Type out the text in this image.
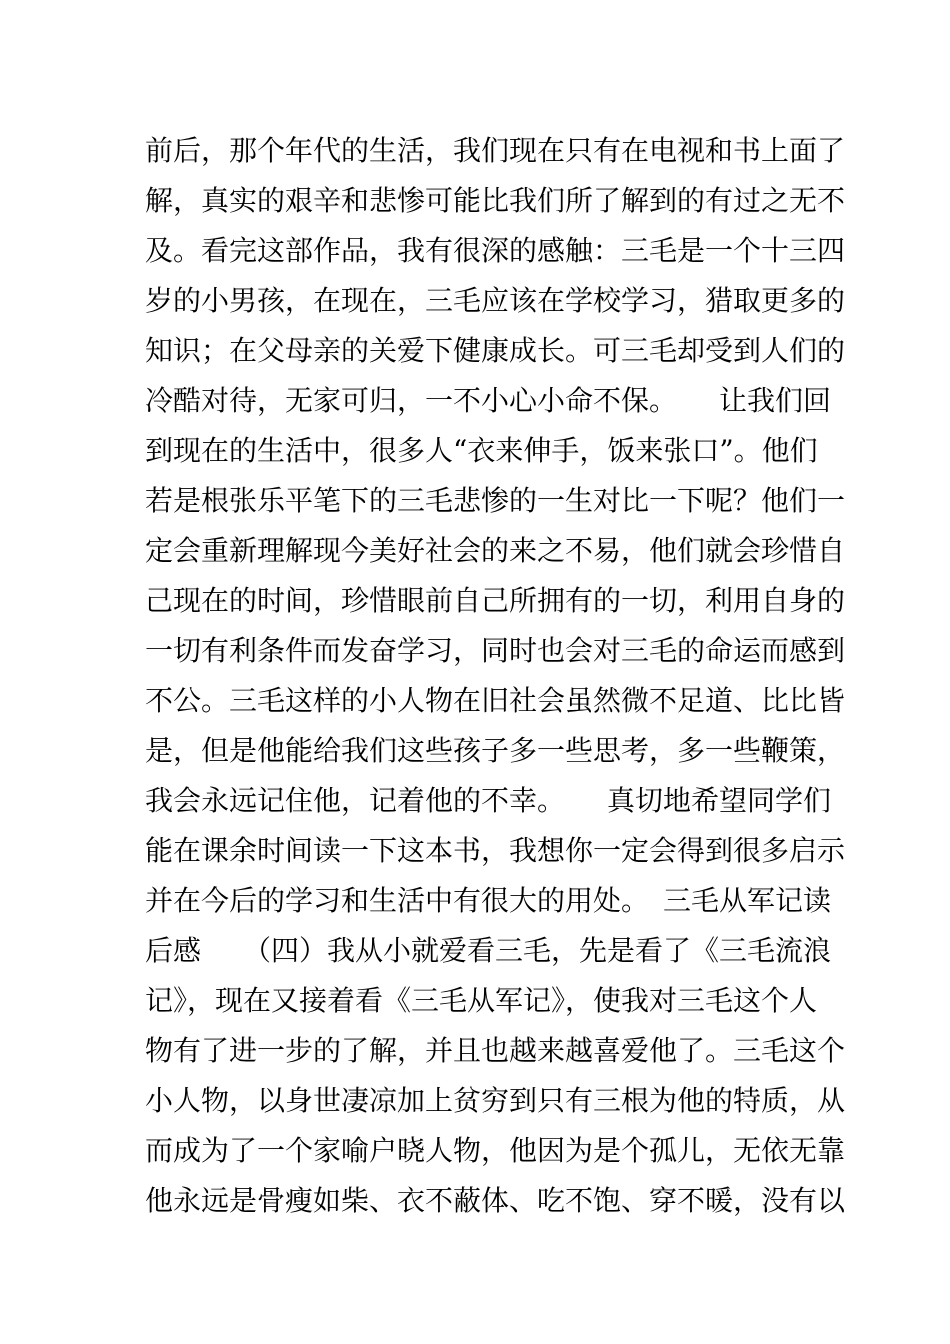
前后，那个年代的生活，我们现在只有在电视和书上面了
解，真实的艰辛和悲惨可能比我们所了解到的有过之无不
及。看完这部作品，我有很深的感触：三毛是一个十三四
岁的小男孩，在现在，三毛应该在学校学习，猎取更多的
知识；在父母亲的关爱下健康成长。可三毛却受到人们的
冷酷对待，无家可归，一不小心小命不保。　　让我们回
到现在的生活中，很多人“衣来伸手，饭来张口”。他们
若是根张乐平笔下的三毛悲惨的一生对比一下呢？他们一
定会重新理解现今美好社会的来之不易，他们就会珍惜自
己现在的时间，珍惜眼前自己所拥有的一切，利用自身的
一切有利条件而发奋学习，同时也会对三毛的命运而感到
不公。三毛这样的小人物在旧社会虽然微不足道、比比皆
是，但是他能给我们这些孩子多一些思考，多一些鞭策，
我会永远记住他，记着他的不幸。　　真切地希望同学们
能在课余时间读一下这本书，我想你一定会得到很多启示
并在今后的学习和生活中有很大的用处。　三毛从军记读
后感　　（四）我从小就爱看三毛，先是看了《三毛流浪
记》，现在又接着看《三毛从军记》，使我对三毛这个人
物有了进一步的了解，并且也越来越喜爱他了。三毛这个
小人物，以身世凄凉加上贫穷到只有三根为他的特质，从
而成为了一个家喻户晓人物，他因为是个孤儿，无依无靠
他永远是骨瘦如柴、衣不蔽体、吃不饱、穿不暖，没有以
